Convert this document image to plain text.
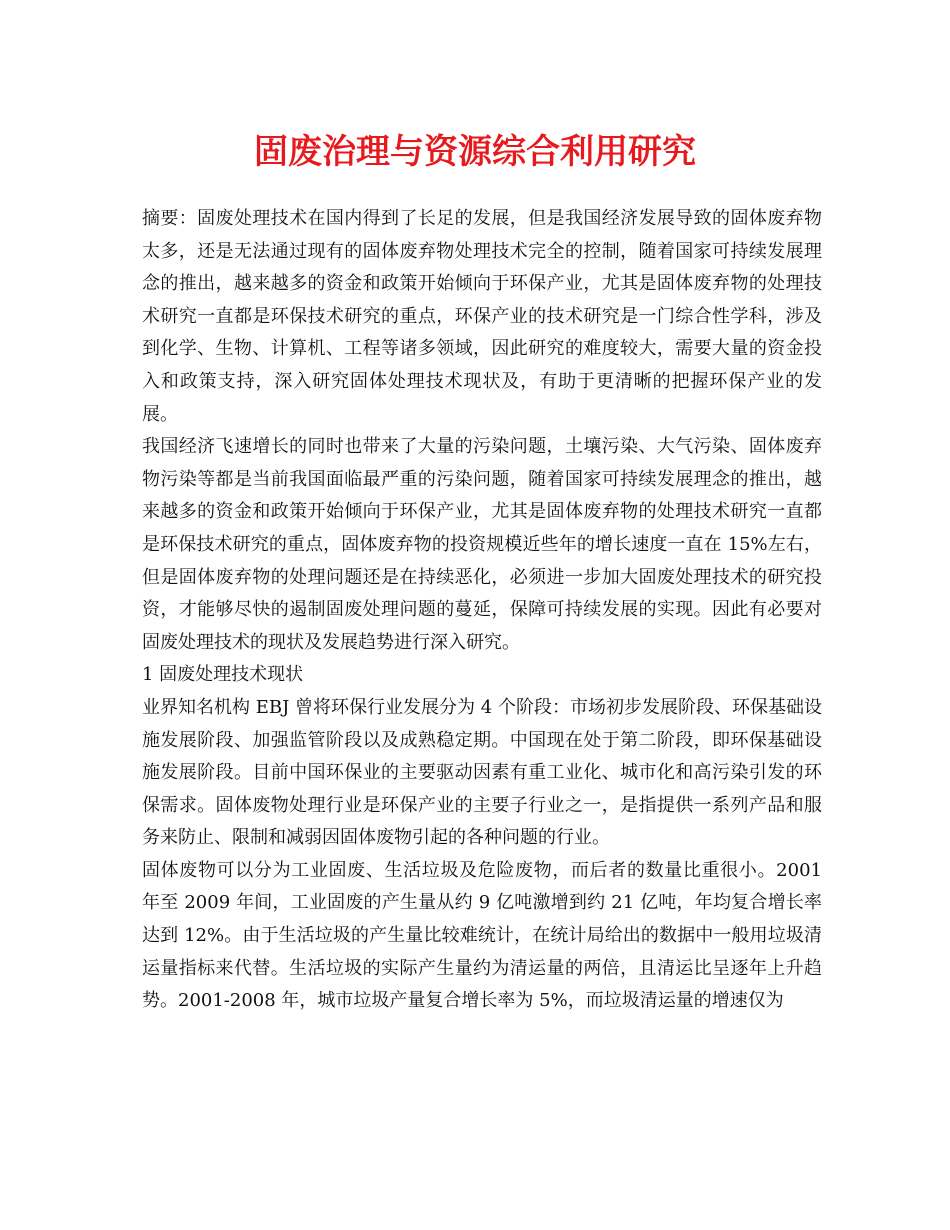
固废治理与资源综合利用研究

摘要：固废处理技术在国内得到了长足的发展，但是我国经济发展导致的固体废弃物太多，还是无法通过现有的固体废弃物处理技术完全的控制，随着国家可持续发展理念的推出，越来越多的资金和政策开始倾向于环保产业，尤其是固体废弃物的处理技术研究一直都是环保技术研究的重点，环保产业的技术研究是一门综合性学科，涉及到化学、生物、计算机、工程等诸多领域，因此研究的难度较大，需要大量的资金投入和政策支持，深入研究固体处理技术现状及，有助于更清晰的把握环保产业的发展。

我国经济飞速增长的同时也带来了大量的污染问题，土壤污染、大气污染、固体废弃物污染等都是当前我国面临最严重的污染问题，随着国家可持续发展理念的推出，越来越多的资金和政策开始倾向于环保产业，尤其是固体废弃物的处理技术研究一直都是环保技术研究的重点，固体废弃物的投资规模近些年的增长速度一直在 15%左右，但是固体废弃物的处理问题还是在持续恶化，必须进一步加大固废处理技术的研究投资，才能够尽快的遏制固废处理问题的蔓延，保障可持续发展的实现。因此有必要对固废处理技术的现状及发展趋势进行深入研究。

1 固废处理技术现状

业界知名机构 EBJ 曾将环保行业发展分为 4 个阶段：市场初步发展阶段、环保基础设施发展阶段、加强监管阶段以及成熟稳定期。中国现在处于第二阶段，即环保基础设施发展阶段。目前中国环保业的主要驱动因素有重工业化、城市化和高污染引发的环保需求。固体废物处理行业是环保产业的主要子行业之一，是指提供一系列产品和服务来防止、限制和减弱因固体废物引起的各种问题的行业。

固体废物可以分为工业固废、生活垃圾及危险废物，而后者的数量比重很小。2001 年至 2009 年间，工业固废的产生量从约 9 亿吨激增到约 21 亿吨，年均复合增长率达到 12%。由于生活垃圾的产生量比较难统计，在统计局给出的数据中一般用垃圾清运量指标来代替。生活垃圾的实际产生量约为清运量的两倍，且清运比呈逐年上升趋势。2001-2008 年，城市垃圾产量复合增长率为 5%，而垃圾清运量的增速仅为
